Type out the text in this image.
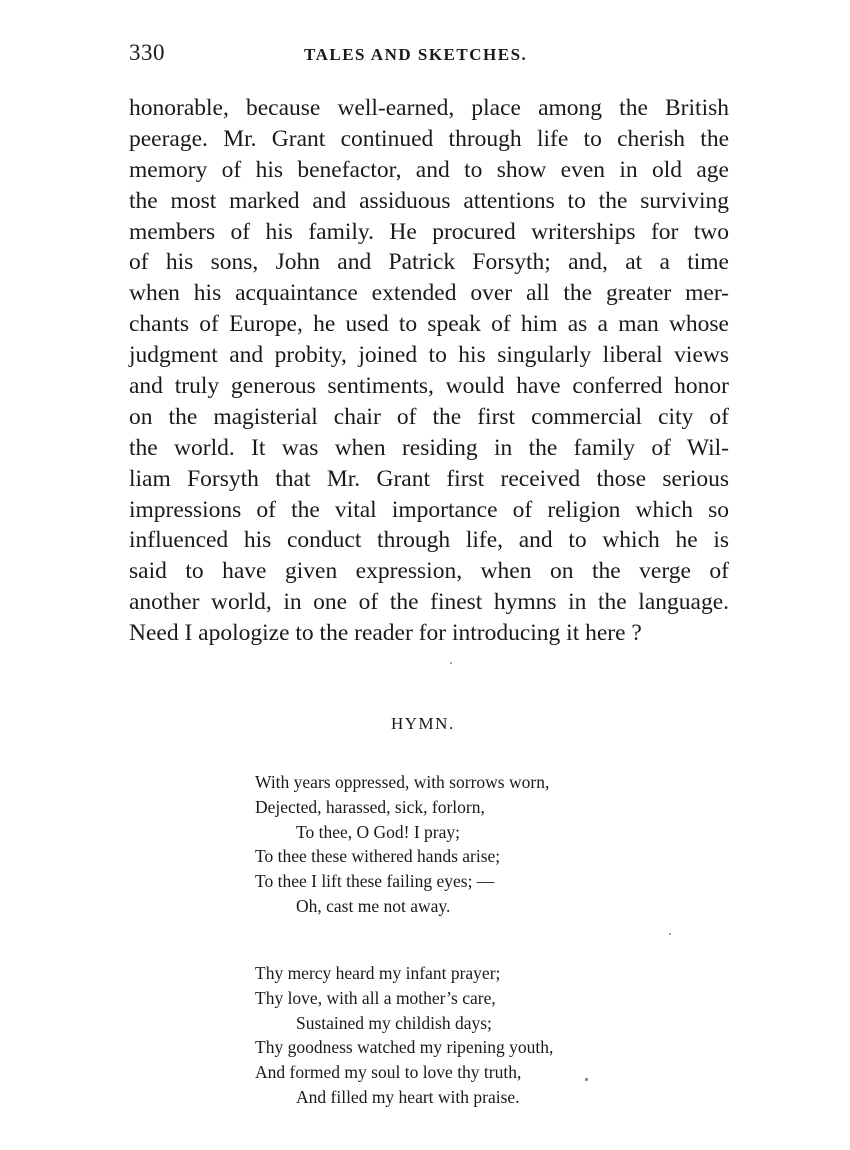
330	TALES AND SKETCHES.
honorable, because well-earned, place among the British
peerage. Mr. Grant continued through life to cherish the
memory of his benefactor, and to show even in old age
the most marked and assiduous attentions to the surviving
members of his family. He procured writerships for two
of his sons, John and Patrick Forsyth; and, at a time
when his acquaintance extended over all the greater mer-
chants of Europe, he used to speak of him as a man whose
judgment and probity, joined to his singularly liberal views
and truly generous sentiments, would have conferred honor
on the magisterial chair of the first commercial city of
the world. It was when residing in the family of Wil-
liam Forsyth that Mr. Grant first received those serious
impressions of the vital importance of religion which so
influenced his conduct through life, and to which he is
said to have given expression, when on the verge of
another world, in one of the finest hymns in the language.
Need I apologize to the reader for introducing it here ?
HYMN.
With years oppressed, with sorrows worn,
Dejected, harassed, sick, forlorn,
To thee, O God! I pray;
To thee these withered hands arise;
To thee I lift these failing eyes; —
Oh, cast me not away.
Thy mercy heard my infant prayer;
Thy love, with all a mother’s care,
Sustained my childish days;
Thy goodness watched my ripening youth,
And formed my soul to love thy truth,
And filled my heart with praise.
